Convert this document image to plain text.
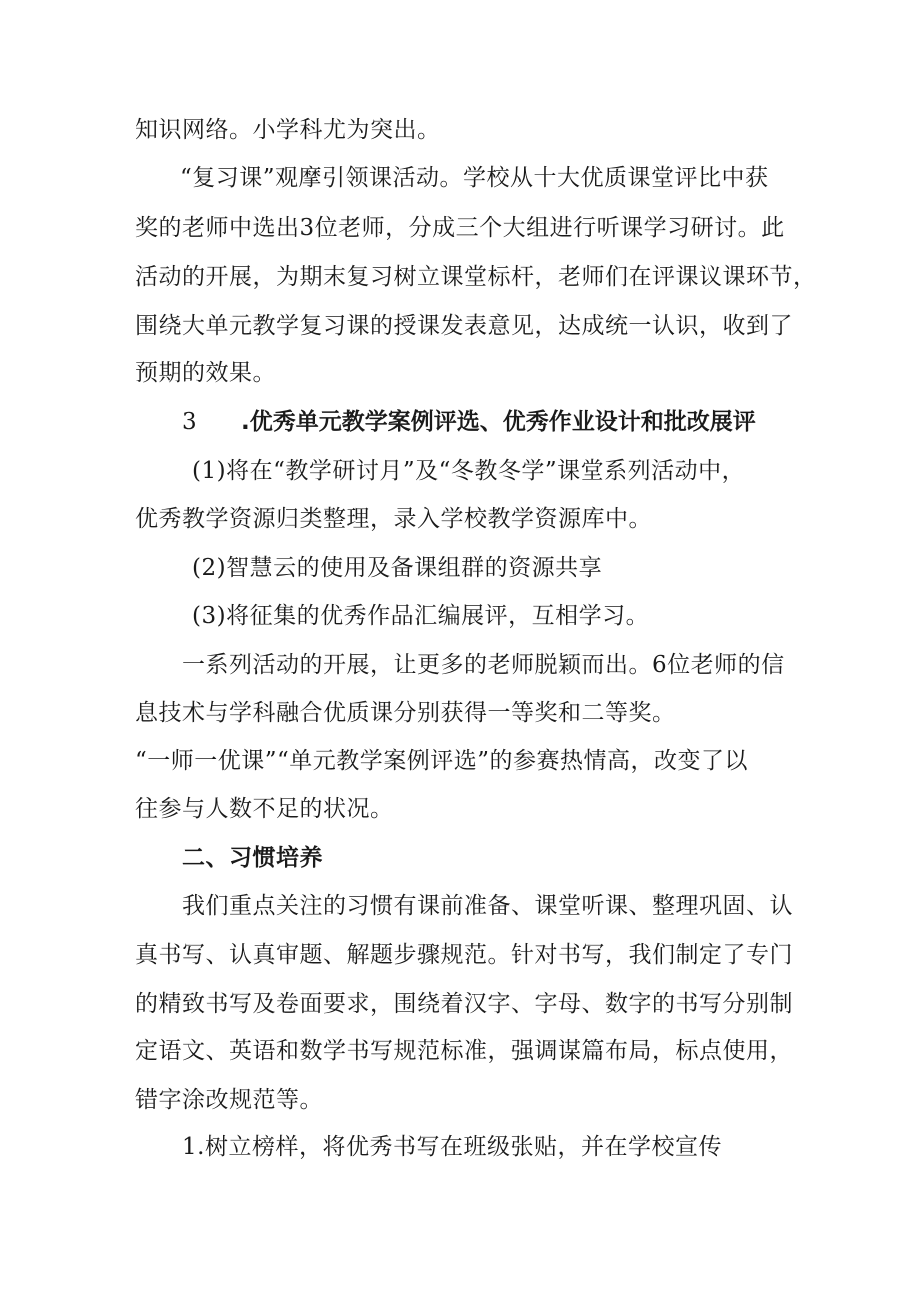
知识网络。小学科尤为突出。
“复习课”观摩引领课活动。学校从十大优质课堂评比中获
奖的老师中选出3位老师，分成三个大组进行听课学习研讨。此
活动的开展，为期末复习树立课堂标杆，老师们在评课议课环节，
围绕大单元教学复习课的授课发表意见，达成统一认识，收到了
预期的效果。
3 .优秀单元教学案例评选、优秀作业设计和批改展评
(1)将在“教学研讨月”及“冬教冬学”课堂系列活动中，
优秀教学资源归类整理，录入学校教学资源库中。
(2)智慧云的使用及备课组群的资源共享
(3)将征集的优秀作品汇编展评，互相学习。
一系列活动的开展，让更多的老师脱颖而出。6位老师的信
息技术与学科融合优质课分别获得一等奖和二等奖。
“一师一优课”“单元教学案例评选”的参赛热情高，改变了以
往参与人数不足的状况。
二、习惯培养
我们重点关注的习惯有课前准备、课堂听课、整理巩固、认
真书写、认真审题、解题步骤规范。针对书写，我们制定了专门
的精致书写及卷面要求，围绕着汉字、字母、数字的书写分别制
定语文、英语和数学书写规范标准，强调谋篇布局，标点使用，
错字涂改规范等。
1.树立榜样，将优秀书写在班级张贴，并在学校宣传
